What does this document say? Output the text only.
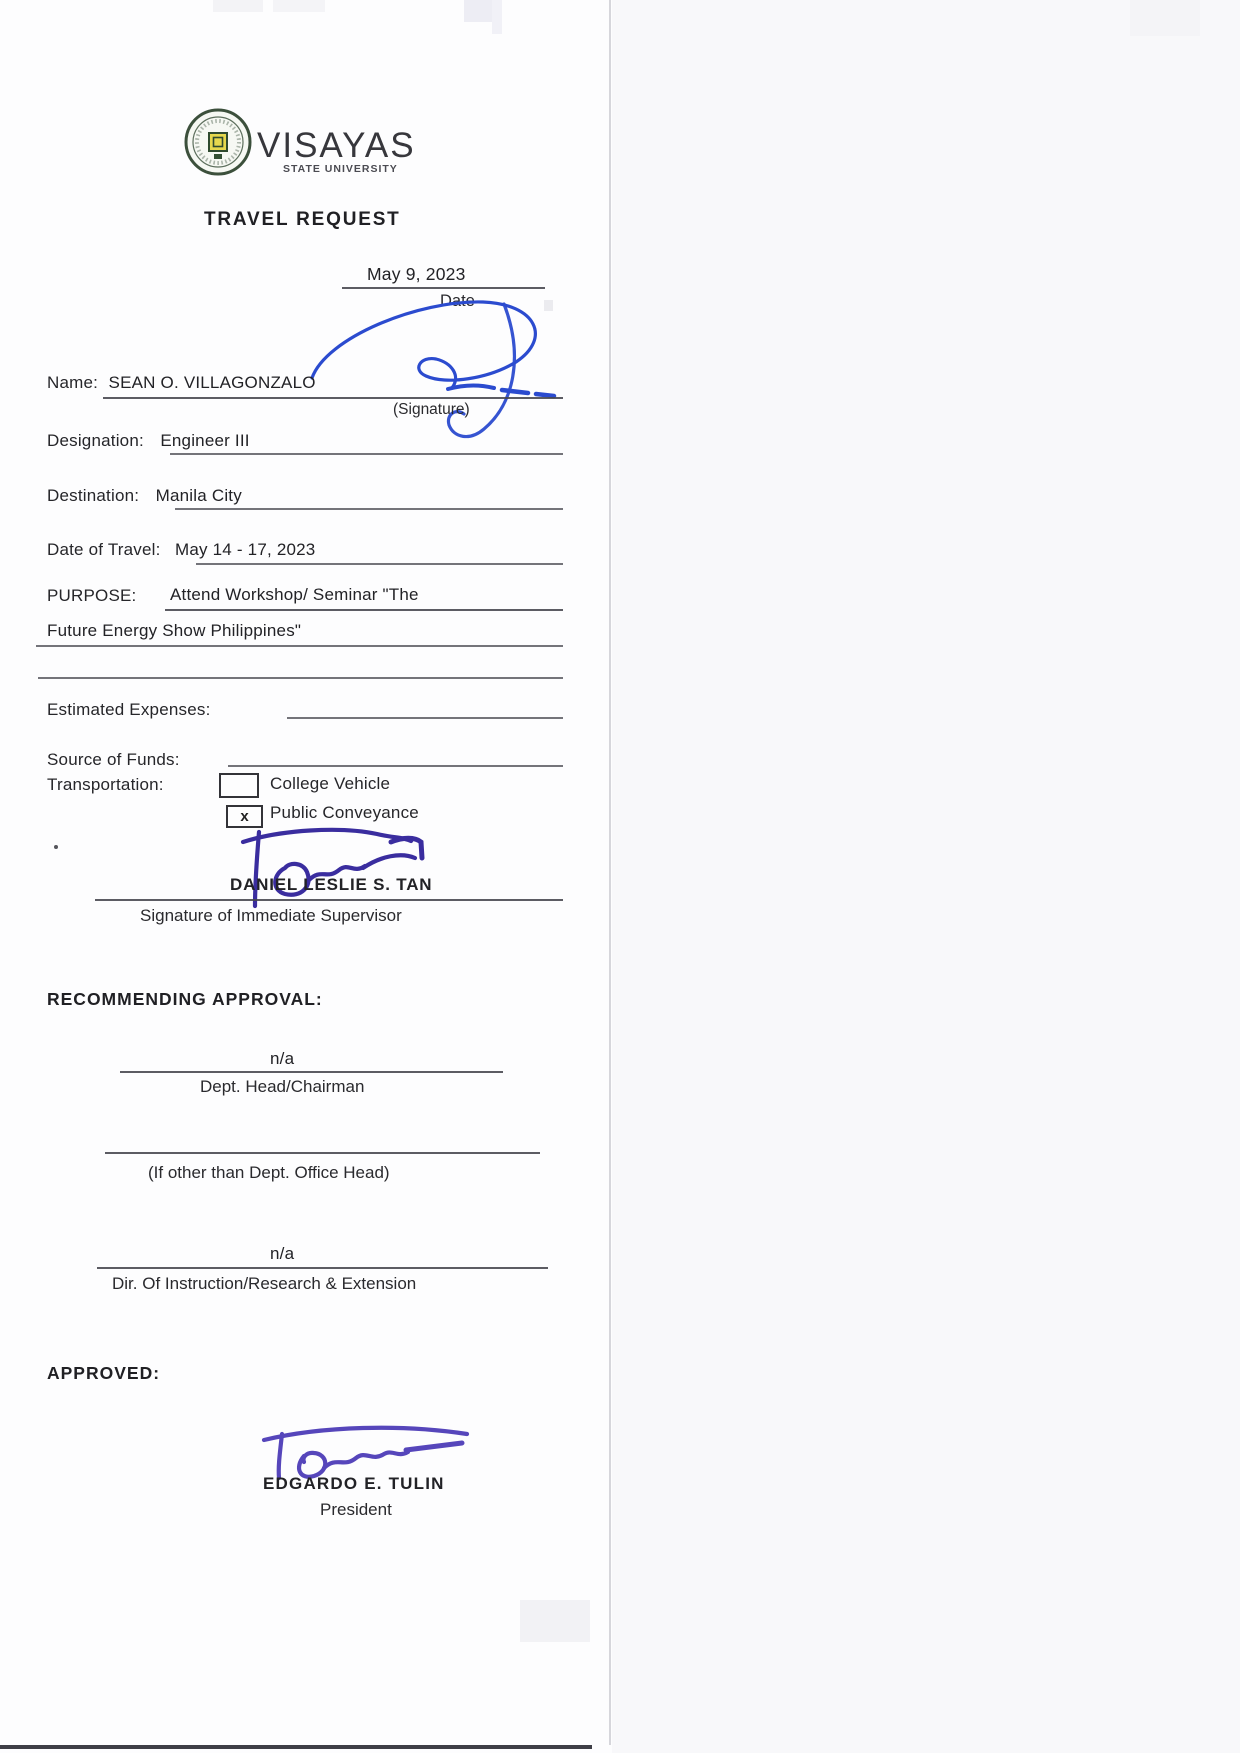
VISAYAS
STATE UNIVERSITY
TRAVEL REQUEST
May 9, 2023
Date
Name: SEAN O. VILLAGONZALO
(Signature)
Designation: Engineer III
Destination: Manila City
Date of Travel: May 14 - 17, 2023
PURPOSE: Attend Workshop/ Seminar "The
Future Energy Show Philippines"
Estimated Expenses:
Source of Funds:
Transportation:	College Vehicle
x Public Conveyance
DANIEL LESLIE S. TAN
Signature of Immediate Supervisor
RECOMMENDING APPROVAL:
n/a
Dept. Head/Chairman
(If other than Dept. Office Head)
n/a
Dir. Of Instruction/Research & Extension
APPROVED:
EDGARDO E. TULIN
President
